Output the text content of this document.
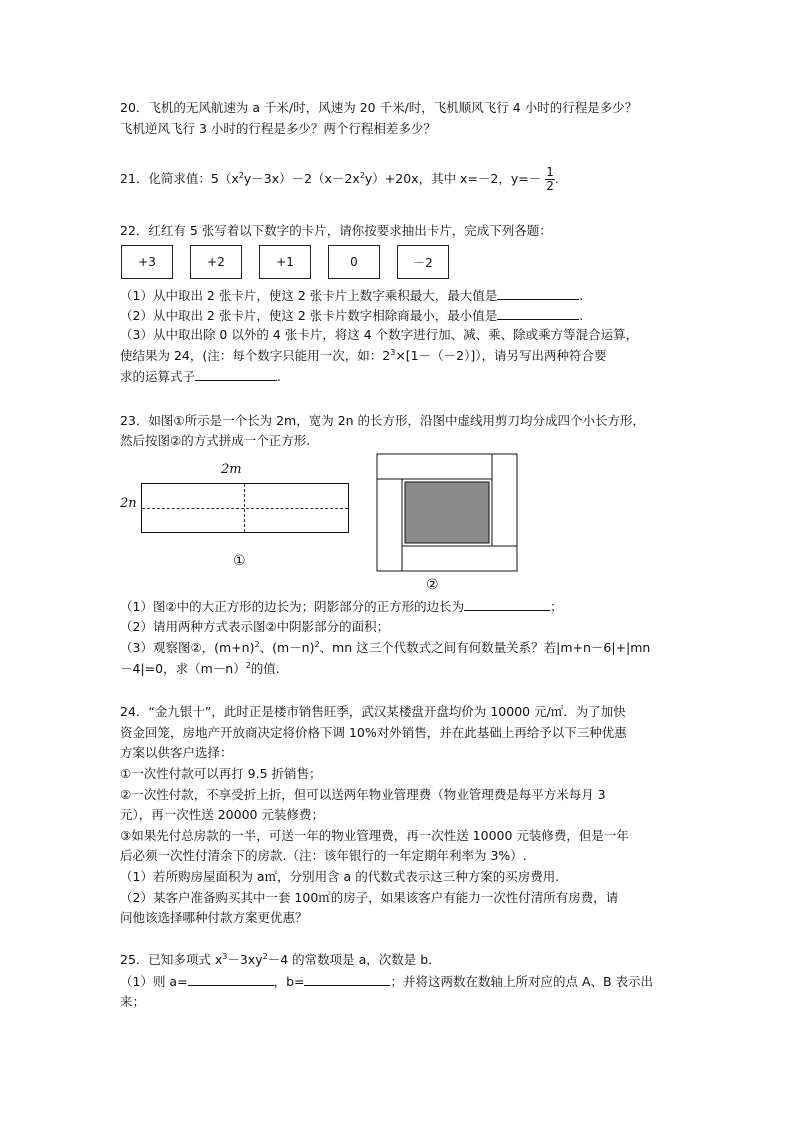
20．飞机的无风航速为 a 千米/时，风速为 20 千米/时，飞机顺风飞行 4 小时的行程是多少？
飞机逆风飞行 3 小时的行程是多少？两个行程相差多少？
21．化简求值：$5(x^2y-3x)-2(x-2x^2y)+20x$，其中 x=－2，$y=- \frac{1}{2}$ .
22．红红有 5 张写着以下数字的卡片，请你按要求抽出卡片，完成下列各题：
+3	+2	+1	0	－2
（1）从中取出 2 张卡片，使这 2 张卡片上数字乘积最大，最大值是	.
（2）从中取出 2 张卡片，使这 2 张卡片数字相除商最小，最小值是	.
（3）从中取出除 0 以外的 4 张卡片，将这 4 个数字进行加、减、乘、除或乘方等混合运算，
使结果为 24，(注：每个数字只能用一次，如：$2^3\times[1-(-2)]$），请另写出两种符合要
求的运算式子	.
23．如图①所示是一个长为 2m，宽为 2n 的长方形，沿图中虚线用剪刀均分成四个小长方形，
然后按图②的方式拼成一个正方形.
2m
2n
①
②
（1）图②中的大正方形的边长为；阴影部分的正方形的边长为	；
（2）请用两种方式表示图②中阴影部分的面积；
（3）观察图②，$(m+n)^2$、$(m-n)^2$、mn 这三个代数式之间有何数量关系？若|m+n－6|+|mn
－4|=0，求$(m-n)^2$的值.
24．“金九银十”，此时正是楼市销售旺季，武汉某楼盘开盘均价为 10000 元/㎡．为了加快
资金回笼，房地产开放商决定将价格下调 10%对外销售，并在此基础上再给予以下三种优惠
方案以供客户选择：
①一次性付款可以再打 9.5 折销售；
②一次性付款，不享受折上折，但可以送两年物业管理费（物业管理费是每平方米每月 3
元），再一次性送 20000 元装修费；
③如果先付总房款的一半，可送一年的物业管理费，再一次性送 10000 元装修费，但是一年
后必须一次性付清余下的房款.（注：该年银行的一年定期年利率为 3%）.
（1）若所购房屋面积为 a㎡，分别用含 a 的代数式表示这三种方案的买房费用.
（2）某客户准备购买其中一套 100㎡的房子，如果该客户有能力一次性付清所有房费，请
问他该选择哪种付款方案更优惠？
25．已知多项式 $x^3-3xy^2-4$ 的常数项是 a，次数是 b.
（1）则 a=	，b=	；并将这两数在数轴上所对应的点 A、B 表示出
来；
